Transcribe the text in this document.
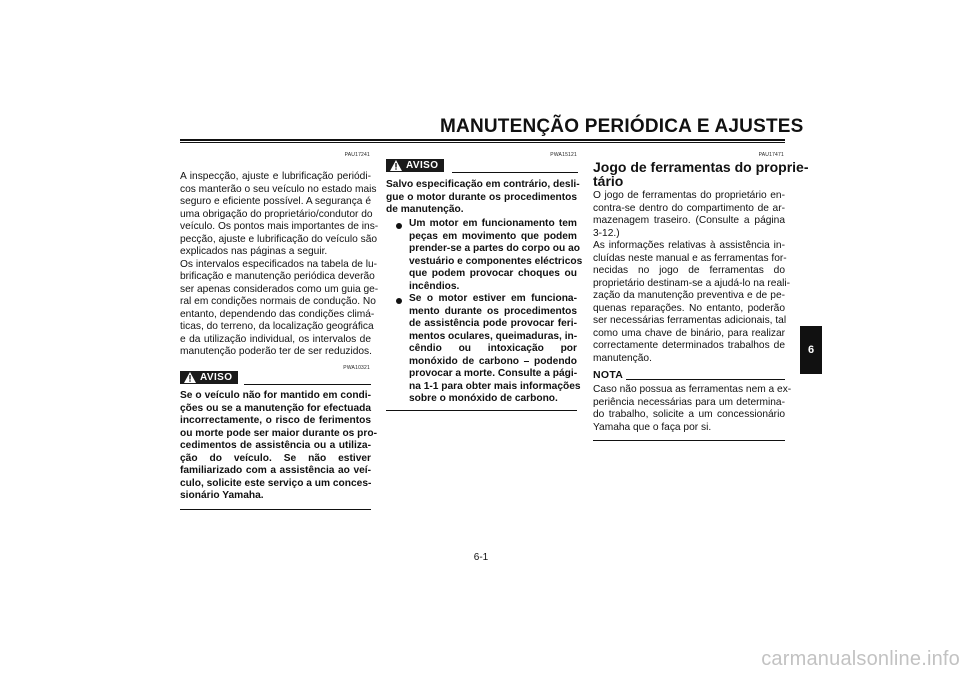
MANUTENÇÃO PERIÓDICA E AJUSTES
PAU17241
A inspecção, ajuste e lubrificação periódi-
cos manterão o seu veículo no estado mais
seguro e eficiente possível. A segurança é
uma obrigação do proprietário/condutor do
veículo. Os pontos mais importantes de ins-
pecção, ajuste e lubrificação do veículo são
explicados nas páginas a seguir.
Os intervalos especificados na tabela de lu-
brificação e manutenção periódica deverão
ser apenas considerados como um guia ge-
ral em condições normais de condução. No
entanto, dependendo das condições climá-
ticas, do terreno, da localização geográfica
e da utilização individual, os intervalos de
manutenção poderão ter de ser reduzidos.
PWA10321
AVISO
Se o veículo não for mantido em condi-
ções ou se a manutenção for efectuada
incorrectamente, o risco de ferimentos
ou morte pode ser maior durante os pro-
cedimentos de assistência ou a utiliza-
ção do veículo. Se não estiver
familiarizado com a assistência ao veí-
culo, solicite este serviço a um conces-
sionário Yamaha.
PWA15121
AVISO
Salvo especificação em contrário, desli-
gue o motor durante os procedimentos
de manutenção.
Um motor em funcionamento tem
peças em movimento que podem
prender-se a partes do corpo ou ao
vestuário e componentes eléctricos
que podem provocar choques ou
incêndios.
Se o motor estiver em funciona-
mento durante os procedimentos
de assistência pode provocar feri-
mentos oculares, queimaduras, in-
cêndio ou intoxicação por
monóxido de carbono – podendo
provocar a morte. Consulte a pági-
na 1-1 para obter mais informações
sobre o monóxido de carbono.
PAU17471
Jogo de ferramentas do proprie-
tário
O jogo de ferramentas do proprietário en-
contra-se dentro do compartimento de ar-
mazenagem traseiro. (Consulte a página
3-12.)
As informações relativas à assistência in-
cluídas neste manual e as ferramentas for-
necidas no jogo de ferramentas do
proprietário destinam-se a ajudá-lo na reali-
zação da manutenção preventiva e de pe-
quenas reparações. No entanto, poderão
ser necessárias ferramentas adicionais, tal
como uma chave de binário, para realizar
correctamente determinados trabalhos de
manutenção.
NOTA
Caso não possua as ferramentas nem a ex-
periência necessárias para um determina-
do trabalho, solicite a um concessionário
Yamaha que o faça por si.
6
6-1
carmanualsonline.info
